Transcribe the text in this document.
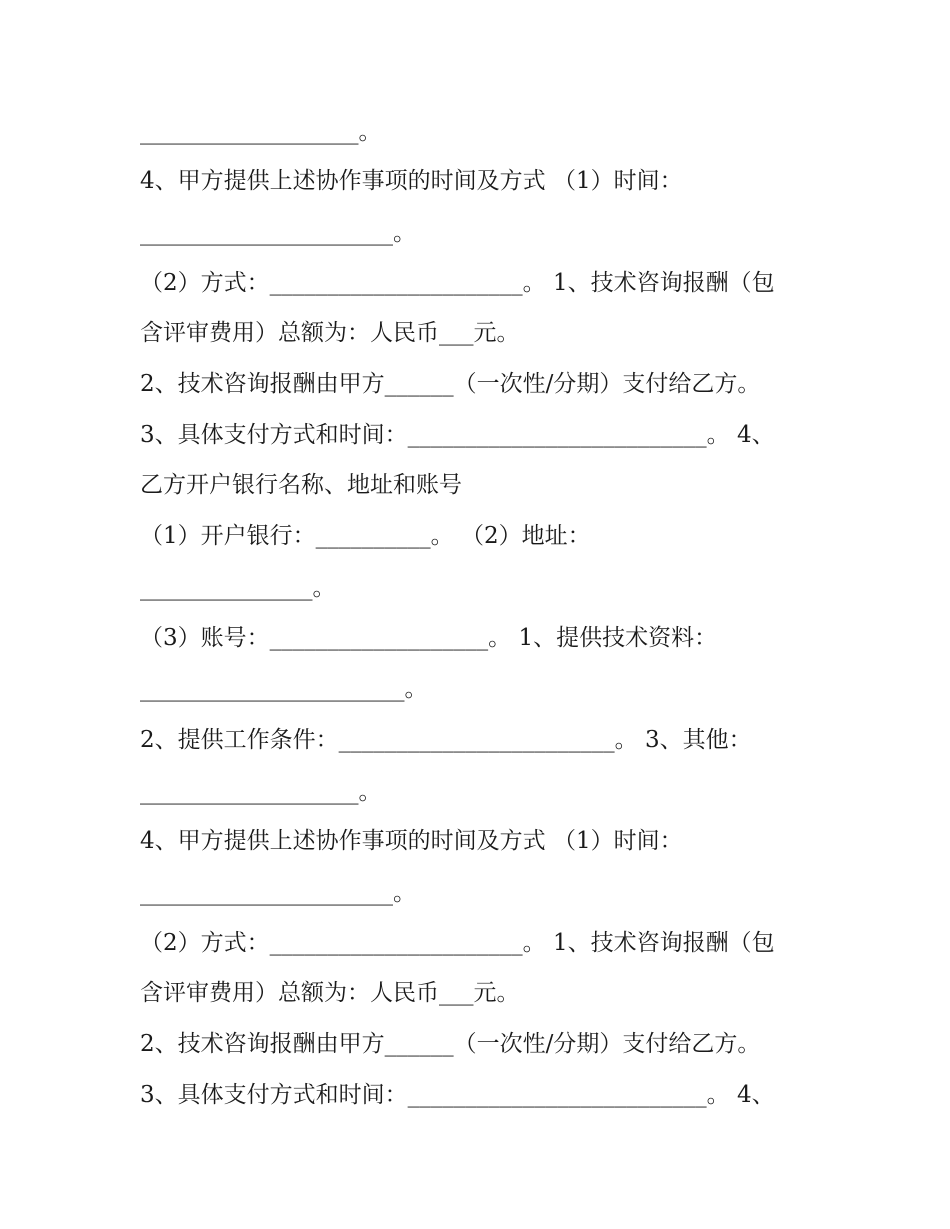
___________________。
4、甲方提供上述协作事项的时间及方式 （1）时间：
______________________。
（2）方式：______________________。 1、技术咨询报酬（包
含评审费用）总额为：人民币___元。
2、技术咨询报酬由甲方______（一次性/分期）支付给乙方。
3、具体支付方式和时间：__________________________。 4、
乙方开户银行名称、地址和账号
（1）开户银行：__________。 （2）地址：
_______________。
（3）账号：___________________。 1、提供技术资料：
_______________________。
2、提供工作条件：________________________。 3、其他：
___________________。
4、甲方提供上述协作事项的时间及方式 （1）时间：
______________________。
（2）方式：______________________。 1、技术咨询报酬（包
含评审费用）总额为：人民币___元。
2、技术咨询报酬由甲方______（一次性/分期）支付给乙方。
3、具体支付方式和时间：__________________________。 4、
